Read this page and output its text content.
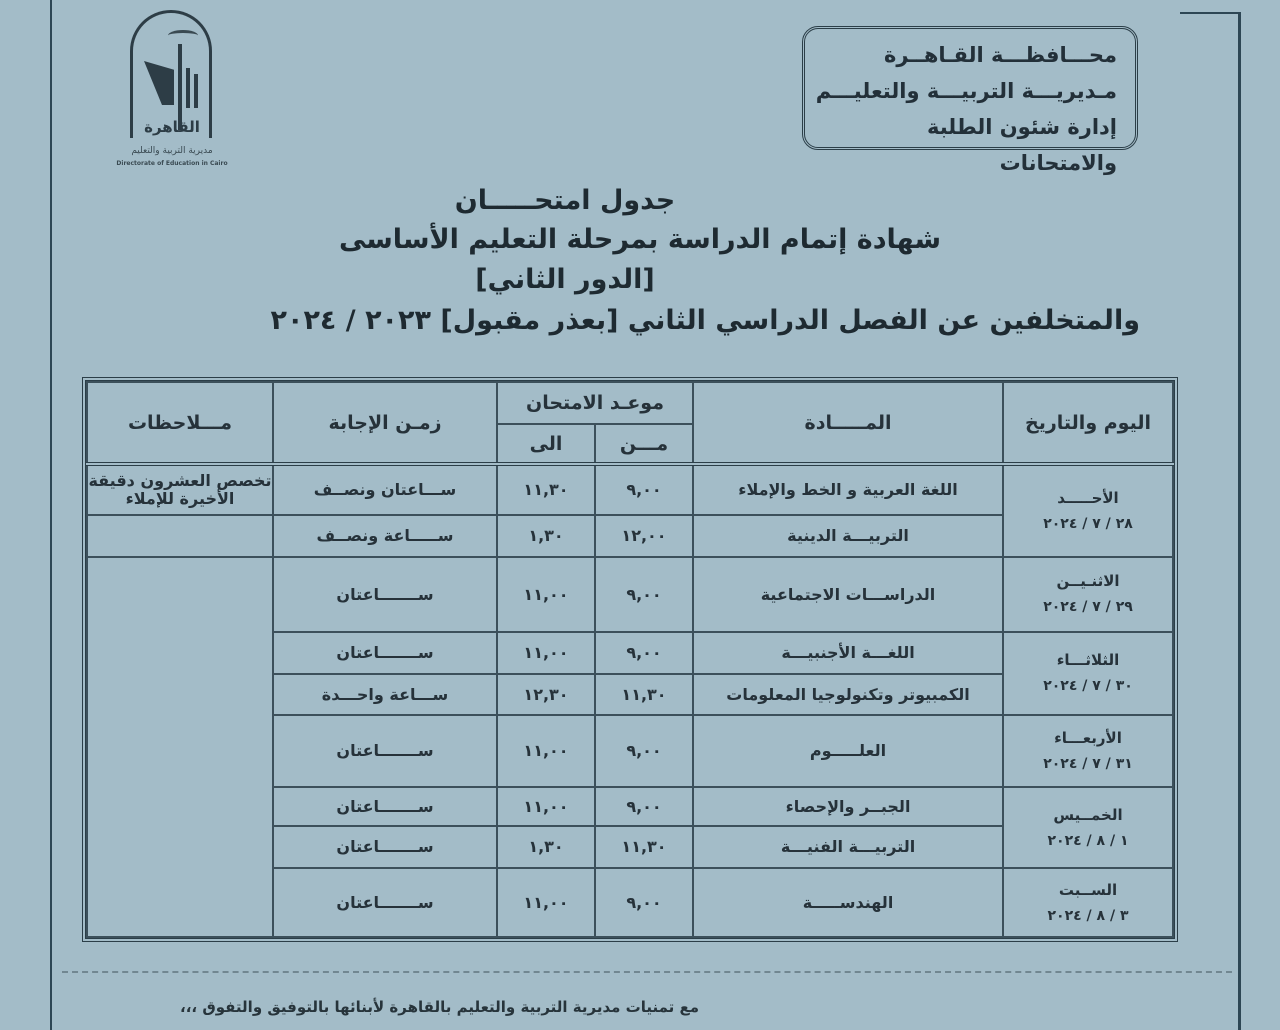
القاهرة
مديرية التربية والتعليم
Directorate of Education in Cairo
محـــافظـــة القـاهــرة
مـديريـــة التربيـــة والتعليـــم
إدارة شئون الطلبة والامتحانات
جدول امتحـــــان
شهادة إتمام الدراسة بمرحلة التعليم الأساسى
[الدور الثاني]
والمتخلفين عن الفصل الدراسي الثاني [بعذر مقبول] ٢٠٢٣ / ٢٠٢٤
اليوم والتاريخ	المـــــادة	موعـد الامتحان		زمـن الإجابة	مـــلاحظات
		مـــن	الى		

الأحـــــد
٢٨ / ٧ / ٢٠٢٤	اللغة العربية و الخط والإملاء	٩,٠٠	١١,٣٠	ســـاعتان ونصــف	تخصص العشرون دقيقة الأخيرة للإملاء
	التربيـــة الدينية	١٢,٠٠	١,٣٠	ســـــاعة ونصــف	

الاثنـيــن
٢٩ / ٧ / ٢٠٢٤	الدراســـات الاجتماعية	٩,٠٠	١١,٠٠	ســـــــاعتان	

الثلاثـــاء
٣٠ / ٧ / ٢٠٢٤	اللغـــة الأجنبيـــة	٩,٠٠	١١,٠٠	ســـــــاعتان	
	الكمبيوتر وتكنولوجيا المعلومات	١١,٣٠	١٢,٣٠	ســـاعة واحـــدة	

الأربعـــاء
٣١ / ٧ / ٢٠٢٤	العلـــــوم	٩,٠٠	١١,٠٠	ســـــــاعتان	

الخمــيس
١ / ٨ / ٢٠٢٤	الجبــر والإحصاء	٩,٠٠	١١,٠٠	ســـــــاعتان	
	التربيـــة الفنيـــة	١١,٣٠	١,٣٠	ســـــــاعتان	

الســبت
٣ / ٨ / ٢٠٢٤	الهندســـــة	٩,٠٠	١١,٠٠	ســـــــاعتان	
مع تمنيات مديرية التربية والتعليم بالقاهرة لأبنائها بالتوفيق والتفوق ،،،
